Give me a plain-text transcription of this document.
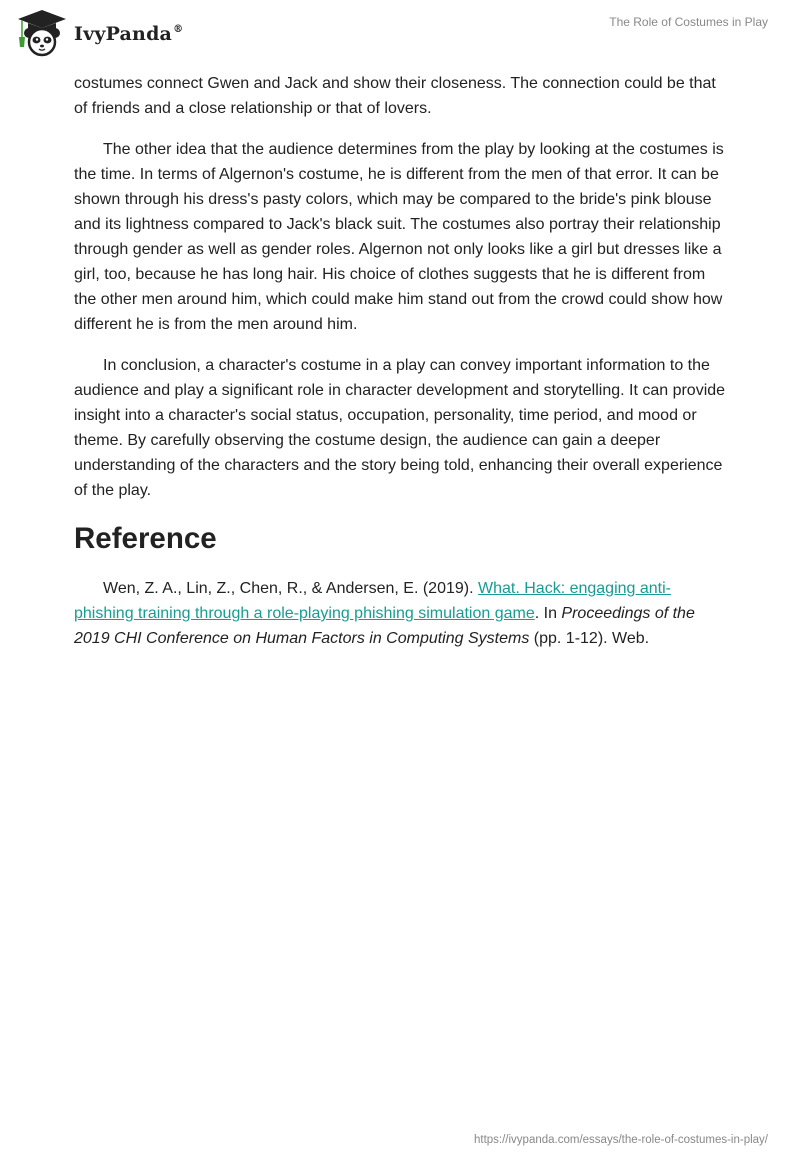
IvyPanda®
The Role of Costumes in Play

costumes connect Gwen and Jack and show their closeness. The connection could be that of friends and a close relationship or that of lovers.

The other idea that the audience determines from the play by looking at the costumes is the time. In terms of Algernon's costume, he is different from the men of that error. It can be shown through his dress's pasty colors, which may be compared to the bride's pink blouse and its lightness compared to Jack's black suit. The costumes also portray their relationship through gender as well as gender roles. Algernon not only looks like a girl but dresses like a girl, too, because he has long hair. His choice of clothes suggests that he is different from the other men around him, which could make him stand out from the crowd could show how different he is from the men around him.

In conclusion, a character's costume in a play can convey important information to the audience and play a significant role in character development and storytelling. It can provide insight into a character's social status, occupation, personality, time period, and mood or theme. By carefully observing the costume design, the audience can gain a deeper understanding of the characters and the story being told, enhancing their overall experience of the play.

Reference

Wen, Z. A., Lin, Z., Chen, R., & Andersen, E. (2019). What. Hack: engaging anti-phishing training through a role-playing phishing simulation game. In Proceedings of the 2019 CHI Conference on Human Factors in Computing Systems (pp. 1-12). Web.

https://ivypanda.com/essays/the-role-of-costumes-in-play/
